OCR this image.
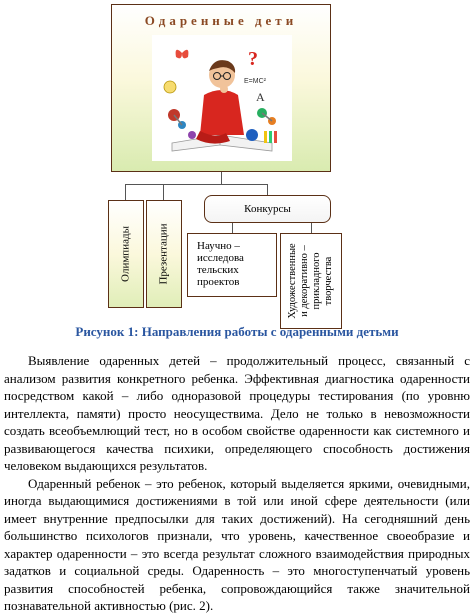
Одаренные дети
?
E=MC²
A
Олимпиады Презентации
Конкурсы
Научно –
исследова
тельских
проектов	Художественные и декоративно – прикладного творчества
Рисунок 1: Направления работы с одаренными детьми

Выявление одаренных детей – продолжительный процесс, связанный с анализом развития конкретного ребенка. Эффективная диагностика одаренности посредством какой – либо одноразовой процедуры тестирования (по уровню интеллекта, памяти) просто неосуществима. Дело не только в невозможности создать всеобъемлющий тест, но в особом свойстве одаренности как системного и развивающегося качества психики, определяющего способность достижения человеком выдающихся результатов.

Одаренный ребенок – это ребенок, который выделяется яркими, очевидными, иногда выдающимися достижениями в той или иной сфере деятельности (или имеет внутренние предпосылки для таких достижений). На сегодняшний день большинство психологов признали, что уровень, качественное своеобразие и характер одаренности – это всегда результат сложного взаимодействия природных задатков и социальной среды. Одаренность – это многоступенчатый уровень развития способностей ребенка, сопровождающийся также значительной познавательной активностью (рис. 2).
